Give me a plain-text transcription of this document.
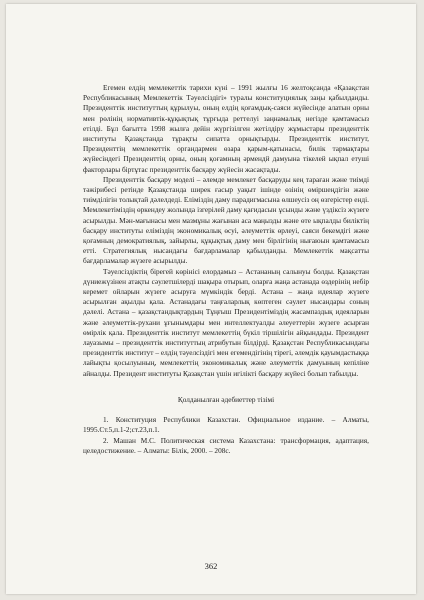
Егемен елдің мемлекеттік тарихи күні – 1991 жылғы 16 желтоқсанда «Қазақстан Республикасының Мемлекеттік Тәуелсіздігі» туралы конституциялық заңы қабылданды. Президенттік институттың құрылуы, оның елдің қоғамдық-саяси жүйесінде алатын орны мен рөлінің нормативтік-құқықтық тұрғыда реттелуі заңнамалық негізде қамтамасыз етілді. Бұл бағытта 1998 жылға дейін жүргізілген жетілдіру жұмыстары президенттік институты Қазақстанда тұрақты сипатта орнықтырды. Президенттік институт, Президенттің мемлекеттік органдармен өзара қарым-қатынасы, билік тармақтары жүйесіндегі Президенттің орны, оның қоғамның әрмендй дамуына тікелей ықпал етуші факторлары біртұтас президенттік басқару жүйесін жасақтады.

Президенттік басқару моделі – әлемде мемлекет басқаруды кең тараған және тиімді тәжірибесі ретінде Қазақстанда ширек ғасыр уақыт ішінде өзінің өміршеңдігін және тиімділігін толықтай дәлелдеді. Елімiздiң даму парадигмасына өлшеусіз оң өзгерістер енді. Мемлекетіміздің өркендеу жолында ізгерілей даму қағидасын ұсынды және үздіксіз жүзеге асырылды. Мән-мағынасы мен мазмұны жағынан аса маңызды және өте ықпалды биліктің басқару институты еліміздің экономикалық өсуі, әлеуметтік өрлеуі, саяси бекемдігі және қоғамның демократиялық, зайырлы, құқықтық даму мен бірлігінің нығаюын қамтамасыз етті. Стратегиялық нысандағы бағдарламалар қабылданды. Мемлекеттік мақсатты бағдарламалар жүзеге асырылды.

Тәуелсіздіктің бірегей көрінісі елордамыз – Астананың салынуы болды. Қазақстан дүниежүзінен атақты сәулетшілерді шақыра отырып, оларға жаңа астанада өздерінің небір керемет ойларын жүзеге асыруға мүмкіндік берді. Астана – жаңа идеялар жүзеге асырылған ақылды қала. Астанадағы таңғаларлық көптеген сәулет нысандары соның дәлелі. Астана – қазақстандықтардың Тұңғыш Президентіміздің жасампаздық идеяларын және әлеуметтік-рухани ұғынымдары мен интеллектуалды әлеуеттерін жүзеге асырған өмірлік қала. Президенттік институт мемлекеттің бүкіл тіршілігін айқындады. Президент лауазымы – президенттік институттың атрибутын білдірді. Қазақстан Республикасындағы президенттік институт – елдің тәуелсіздігі мен егемендігінің тірегі, әлемдік қауымдастыққа лайықты қосылуының, мемлекеттің экономикалық және әлеуметтік дамуының кепіліне айналды. Президент институты Қазақстан үшін игілікті басқару жүйесі болып табылды.

Қолданылған әдебиеттер тізімі

1. Конституция Республики Казахстан. Официальное издание. – Алматы, 1995.Ст.5,п.1-2;ст.23,п.1.

2. Машан М.С. Политическая система Казахстана: трансформация, адаптация, целедостижение. – Алматы: Білік, 2000. – 208с.

362
